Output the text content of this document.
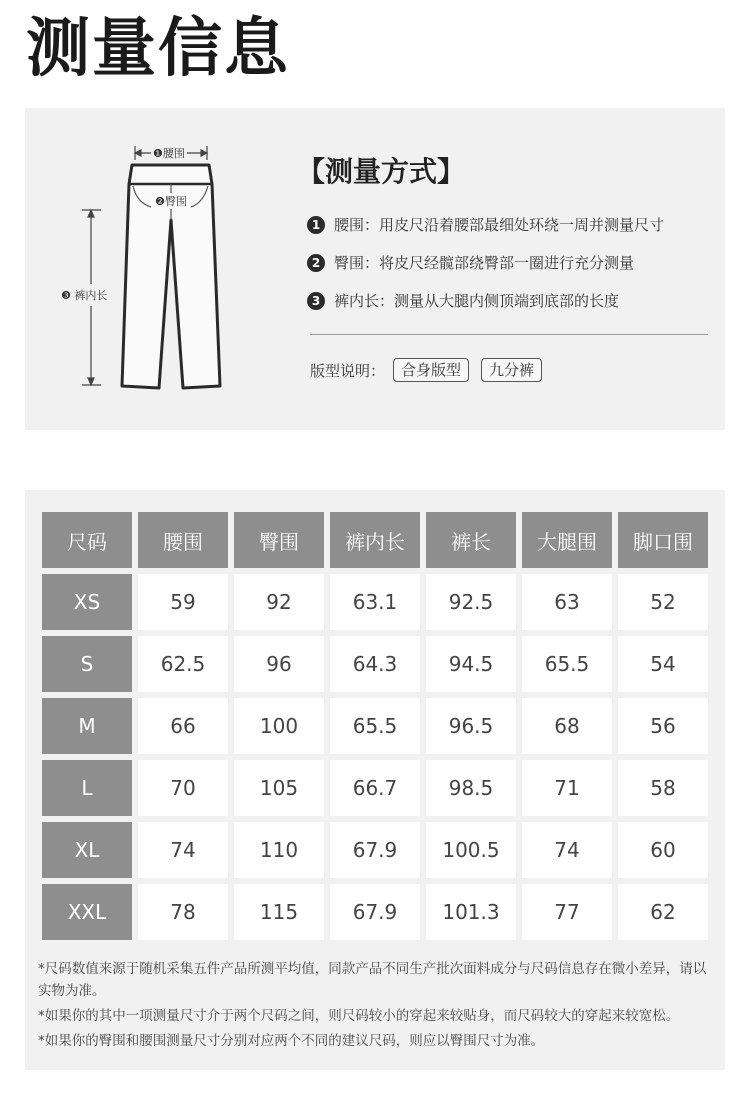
测量信息
❶腰围
❷臀围
❸ 裤内长
【测量方式】
1 腰围：用皮尺沿着腰部最细处环绕一周并测量尺寸
2 臀围：将皮尺经髋部绕臀部一圈进行充分测量
3 裤内长：测量从大腿内侧顶端到底部的长度
版型说明：	合身版型	九分裤
尺码	腰围	臀围	裤内长	裤长	大腿围	脚口围
XS	59	92	63.1	92.5	63	52
S	62.5	96	64.3	94.5	65.5	54
M	66	100	65.5	96.5	68	56
L	70	105	66.7	98.5	71	58
XL	74	110	67.9	100.5	74	60
XXL	78	115	67.9	101.3	77	62

*尺码数值来源于随机采集五件产品所测平均值，同款产品不同生产批次面料成分与尺码信息存在微小差异，请以实物为准。

*如果你的其中一项测量尺寸介于两个尺码之间，则尺码较小的穿起来较贴身，而尺码较大的穿起来较宽松。

*如果你的臀围和腰围测量尺寸分别对应两个不同的建议尺码，则应以臀围尺寸为准。
